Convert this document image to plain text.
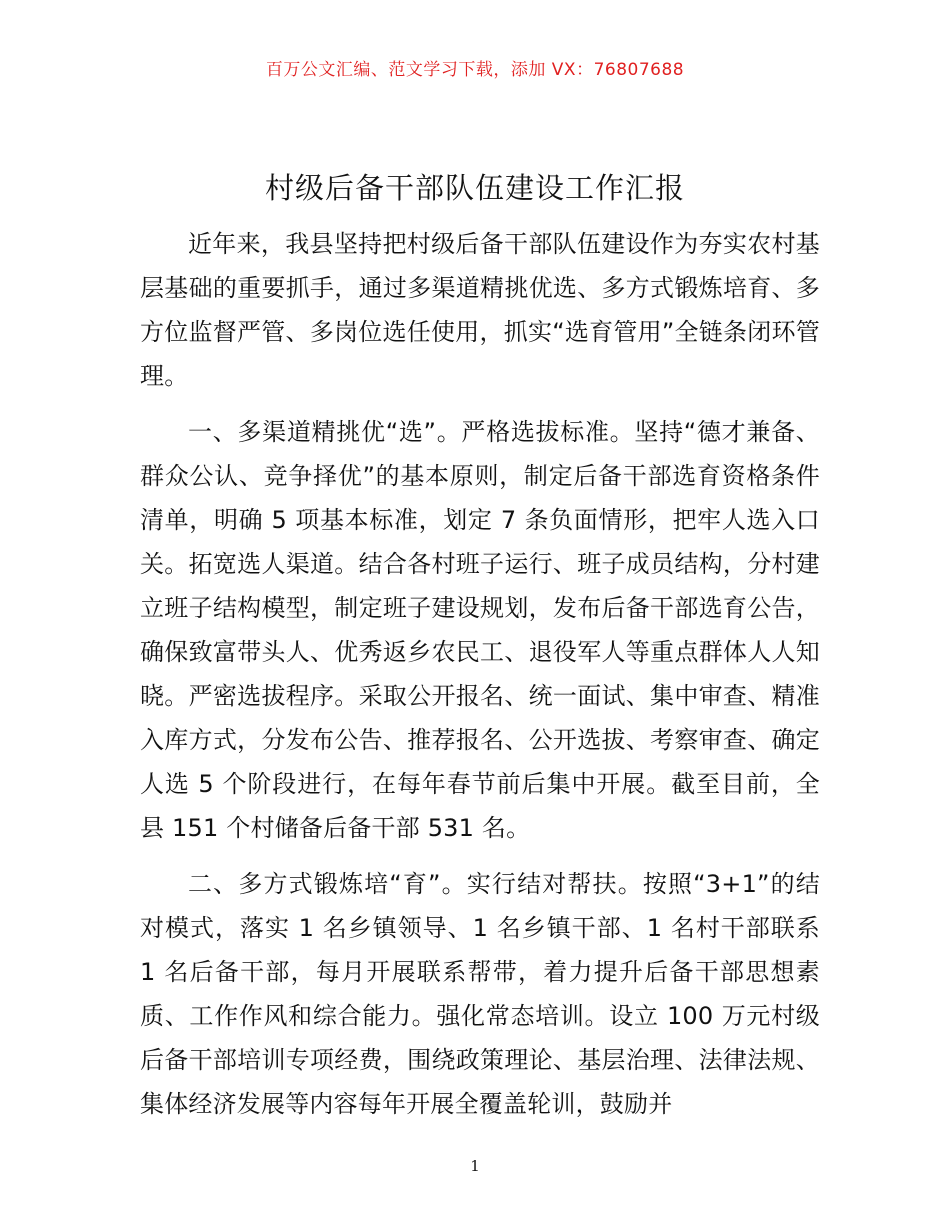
百万公文汇编、范文学习下载，添加 VX：76807688
村级后备干部队伍建设工作汇报

近年来，我县坚持把村级后备干部队伍建设作为夯实农村基层基础的重要抓手，通过多渠道精挑优选、多方式锻炼培育、多方位监督严管、多岗位选任使用，抓实“选育管用”全链条闭环管理。

一、多渠道精挑优“选”。严格选拔标准。坚持“德才兼备、群众公认、竞争择优”的基本原则，制定后备干部选育资格条件清单，明确 5 项基本标准，划定 7 条负面情形，把牢人选入口关。拓宽选人渠道。结合各村班子运行、班子成员结构，分村建立班子结构模型，制定班子建设规划，发布后备干部选育公告，确保致富带头人、优秀返乡农民工、退役军人等重点群体人人知晓。严密选拔程序。采取公开报名、统一面试、集中审查、精准入库方式，分发布公告、推荐报名、公开选拔、考察审查、确定人选 5 个阶段进行，在每年春节前后集中开展。截至目前，全县 151 个村储备后备干部 531 名。

二、多方式锻炼培“育”。实行结对帮扶。按照“3+1”的结对模式，落实 1 名乡镇领导、1 名乡镇干部、1 名村干部联系 1 名后备干部，每月开展联系帮带，着力提升后备干部思想素质、工作作风和综合能力。强化常态培训。设立 100 万元村级后备干部培训专项经费，围绕政策理论、基层治理、法律法规、集体经济发展等内容每年开展全覆盖轮训，鼓励并

1
